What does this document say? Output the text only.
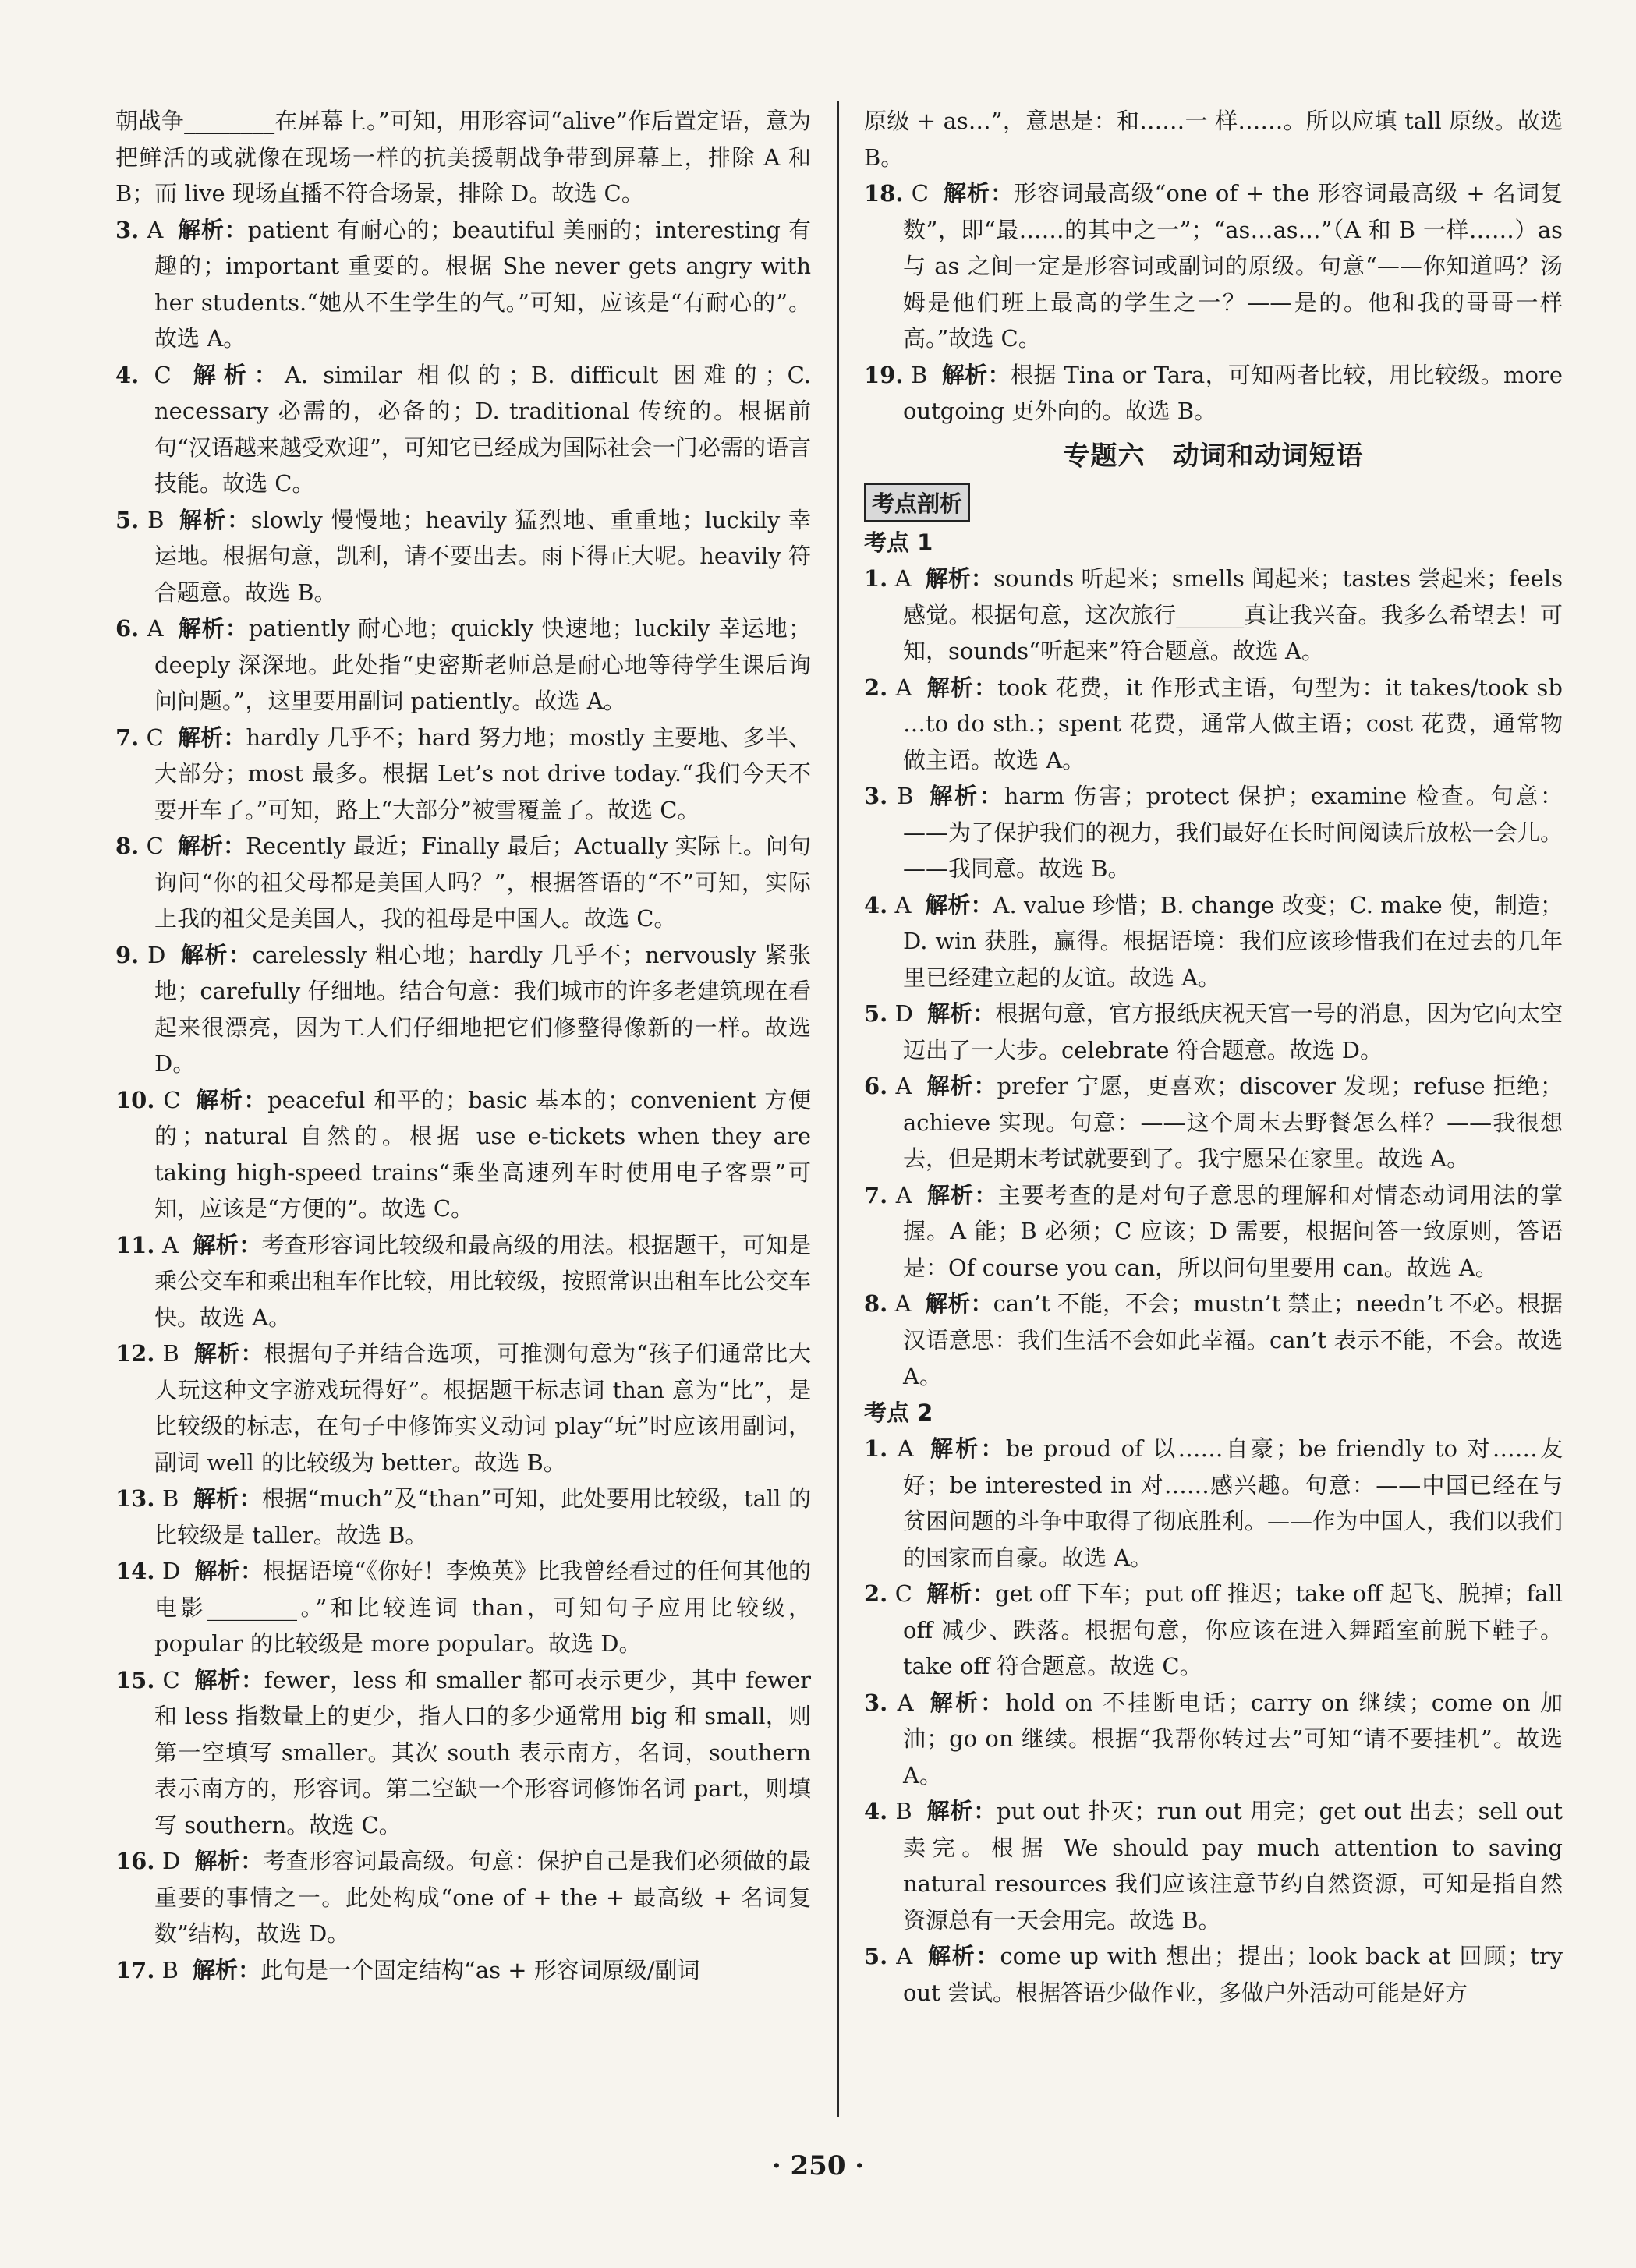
朝战争________在屏幕上。”可知，用形容词“alive”作后置定语，意为把鲜活的或就像在现场一样的抗美援朝战争带到屏幕上，排除 A 和 B；而 live 现场直播不符合场景，排除 D。故选 C。

3. A 解析：patient 有耐心的；beautiful 美丽的；interesting 有趣的；important 重要的。根据 She never gets angry with her students.“她从不生学生的气。”可知，应该是“有耐心的”。故选 A。

4. C 解析：A. similar 相似的；B. difficult 困难的；C. necessary 必需的，必备的；D. traditional 传统的。根据前句“汉语越来越受欢迎”，可知它已经成为国际社会一门必需的语言技能。故选 C。

5. B 解析：slowly 慢慢地；heavily 猛烈地、重重地；luckily 幸运地。根据句意，凯利，请不要出去。雨下得正大呢。heavily 符合题意。故选 B。

6. A 解析：patiently 耐心地；quickly 快速地；luckily 幸运地；deeply 深深地。此处指“史密斯老师总是耐心地等待学生课后询问问题。”，这里要用副词 patiently。故选 A。

7. C 解析：hardly 几乎不；hard 努力地；mostly 主要地、多半、大部分；most 最多。根据 Let’s not drive today.“我们今天不要开车了。”可知，路上“大部分”被雪覆盖了。故选 C。

8. C 解析：Recently 最近；Finally 最后；Actually 实际上。问句询问“你的祖父母都是美国人吗？”，根据答语的“不”可知，实际上我的祖父是美国人，我的祖母是中国人。故选 C。

9. D 解析：carelessly 粗心地；hardly 几乎不；nervously 紧张地；carefully 仔细地。结合句意：我们城市的许多老建筑现在看起来很漂亮，因为工人们仔细地把它们修整得像新的一样。故选 D。

10. C 解析：peaceful 和平的；basic 基本的；convenient 方便的；natural 自然的。根据 use e-tickets when they are taking high-speed trains“乘坐高速列车时使用电子客票”可知，应该是“方便的”。故选 C。

11. A 解析：考查形容词比较级和最高级的用法。根据题干，可知是乘公交车和乘出租车作比较，用比较级，按照常识出租车比公交车快。故选 A。

12. B 解析：根据句子并结合选项，可推测句意为“孩子们通常比大人玩这种文字游戏玩得好”。根据题干标志词 than 意为“比”，是比较级的标志，在句子中修饰实义动词 play“玩”时应该用副词，副词 well 的比较级为 better。故选 B。

13. B 解析：根据“much”及“than”可知，此处要用比较级，tall 的比较级是 taller。故选 B。

14. D 解析：根据语境“《你好！李焕英》比我曾经看过的任何其他的电影________。”和比较连词 than，可知句子应用比较级，popular 的比较级是 more popular。故选 D。

15. C 解析：fewer，less 和 smaller 都可表示更少，其中 fewer 和 less 指数量上的更少，指人口的多少通常用 big 和 small，则第一空填写 smaller。其次 south 表示南方，名词，southern 表示南方的，形容词。第二空缺一个形容词修饰名词 part，则填写 southern。故选 C。

16. D 解析：考查形容词最高级。句意：保护自己是我们必须做的最重要的事情之一。此处构成“one of + the + 最高级 + 名词复数”结构，故选 D。

17. B 解析：此句是一个固定结构“as + 形容词原级/副词

原级 + as…”，意思是：和……一 样……。所以应填 tall 原级。故选 B。

18. C 解析：形容词最高级“one of + the 形容词最高级 + 名词复数”，即“最……的其中之一”；“as…as…”（A 和 B 一样……）as 与 as 之间一定是形容词或副词的原级。句意“——你知道吗？汤姆是他们班上最高的学生之一？——是的。他和我的哥哥一样高。”故选 C。

19. B 解析：根据 Tina or Tara，可知两者比较，用比较级。more outgoing 更外向的。故选 B。

专题六　动词和动词短语
考点剖析

考点 1

1. A 解析：sounds 听起来；smells 闻起来；tastes 尝起来；feels 感觉。根据句意，这次旅行______真让我兴奋。我多么希望去！可知，sounds“听起来”符合题意。故选 A。

2. A 解析：took 花费，it 作形式主语，句型为：it takes/took sb …to do sth.；spent 花费，通常人做主语；cost 花费，通常物做主语。故选 A。

3. B 解析：harm 伤害；protect 保护；examine 检查。句意：——为了保护我们的视力，我们最好在长时间阅读后放松一会儿。——我同意。故选 B。

4. A 解析：A. value 珍惜；B. change 改变；C. make 使，制造；D. win 获胜，赢得。根据语境：我们应该珍惜我们在过去的几年里已经建立起的友谊。故选 A。

5. D 解析：根据句意，官方报纸庆祝天宫一号的消息，因为它向太空迈出了一大步。celebrate 符合题意。故选 D。

6. A 解析：prefer 宁愿，更喜欢；discover 发现；refuse 拒绝；achieve 实现。句意：——这个周末去野餐怎么样？——我很想去，但是期末考试就要到了。我宁愿呆在家里。故选 A。

7. A 解析：主要考查的是对句子意思的理解和对情态动词用法的掌握。A 能；B 必须；C 应该；D 需要，根据问答一致原则，答语是：Of course you can，所以问句里要用 can。故选 A。

8. A 解析：can’t 不能，不会；mustn’t 禁止；needn’t 不必。根据汉语意思：我们生活不会如此幸福。can’t 表示不能，不会。故选 A。

考点 2

1. A 解析：be proud of 以……自豪；be friendly to 对……友好；be interested in 对……感兴趣。句意：——中国已经在与贫困问题的斗争中取得了彻底胜利。——作为中国人，我们以我们的国家而自豪。故选 A。

2. C 解析：get off 下车；put off 推迟；take off 起飞、脱掉；fall off 减少、跌落。根据句意，你应该在进入舞蹈室前脱下鞋子。take off 符合题意。故选 C。

3. A 解析：hold on 不挂断电话；carry on 继续；come on 加油；go on 继续。根据“我帮你转过去”可知“请不要挂机”。故选 A。

4. B 解析：put out 扑灭；run out 用完；get out 出去；sell out 卖完。根据 We should pay much attention to saving natural resources 我们应该注意节约自然资源，可知是指自然资源总有一天会用完。故选 B。

5. A 解析：come up with 想出；提出；look back at 回顾；try out 尝试。根据答语少做作业，多做户外活动可能是好方

· 250 ·
